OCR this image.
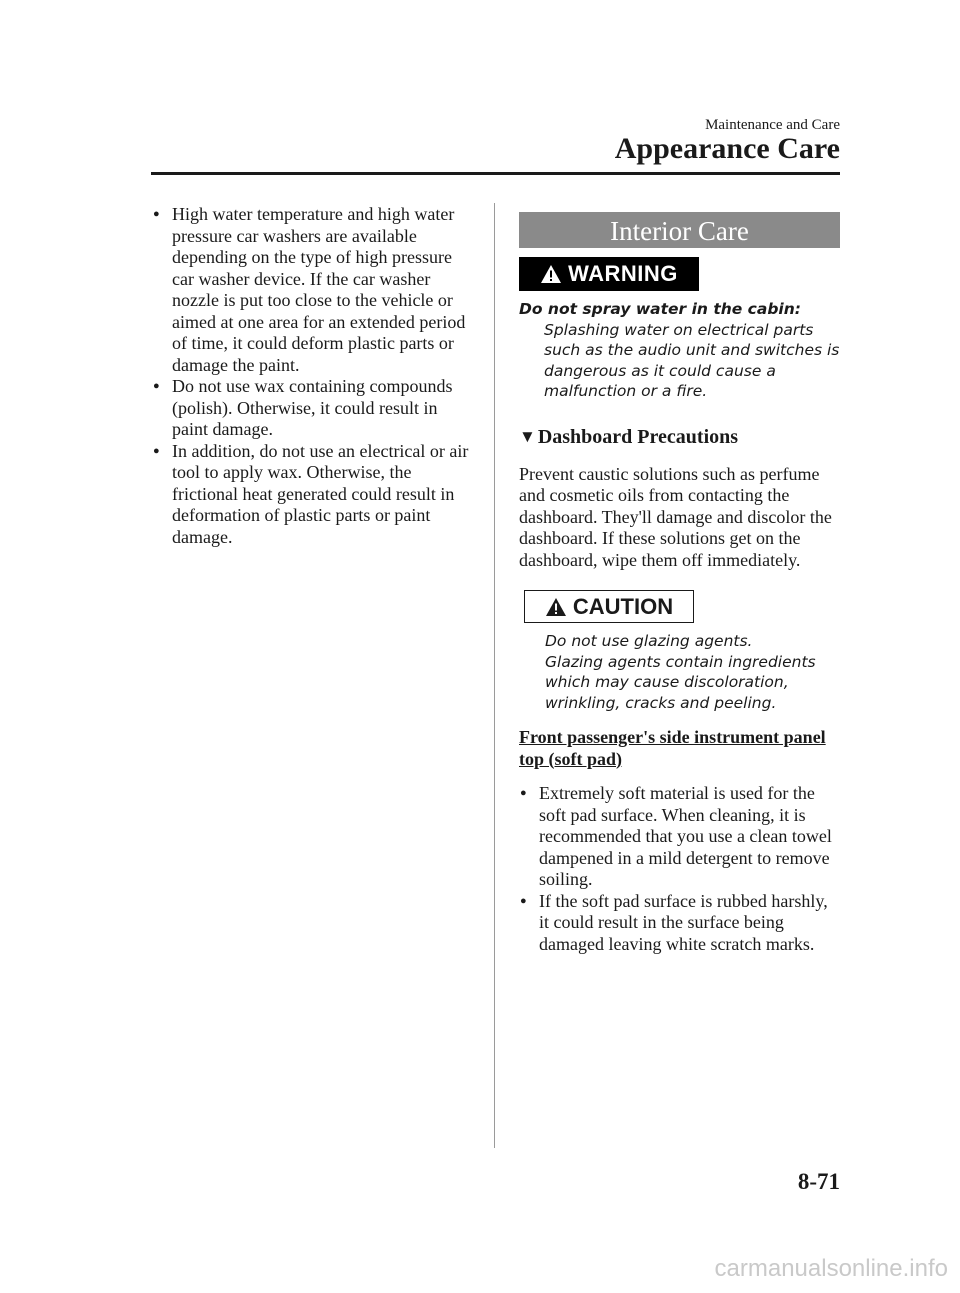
Maintenance and Care
Appearance Care
● High water temperature and high water pressure car washers are available depending on the type of high pressure car washer device. If the car washer nozzle is put too close to the vehicle or aimed at one area for an extended period of time, it could deform plastic parts or damage the paint.
● Do not use wax containing compounds (polish). Otherwise, it could result in paint damage.
● In addition, do not use an electrical or air tool to apply wax. Otherwise, the frictional heat generated could result in deformation of plastic parts or paint damage.
Interior Care
WARNING

Do not spray water in the cabin:

Splashing water on electrical parts such as the audio unit and switches is dangerous as it could cause a malfunction or a fire.

▼ Dashboard Precautions
Prevent caustic solutions such as perfume and cosmetic oils from contacting the dashboard. They'll damage and discolor the dashboard. If these solutions get on the dashboard, wipe them off immediately.
CAUTION

Do not use glazing agents.

Glazing agents contain ingredients which may cause discoloration, wrinkling, cracks and peeling.

Front passenger's side instrument panel top (soft pad)
● Extremely soft material is used for the soft pad surface. When cleaning, it is recommended that you use a clean towel dampened in a mild detergent to remove soiling.
● If the soft pad surface is rubbed harshly, it could result in the surface being damaged leaving white scratch marks.
8-71
carmanualsonline.info
